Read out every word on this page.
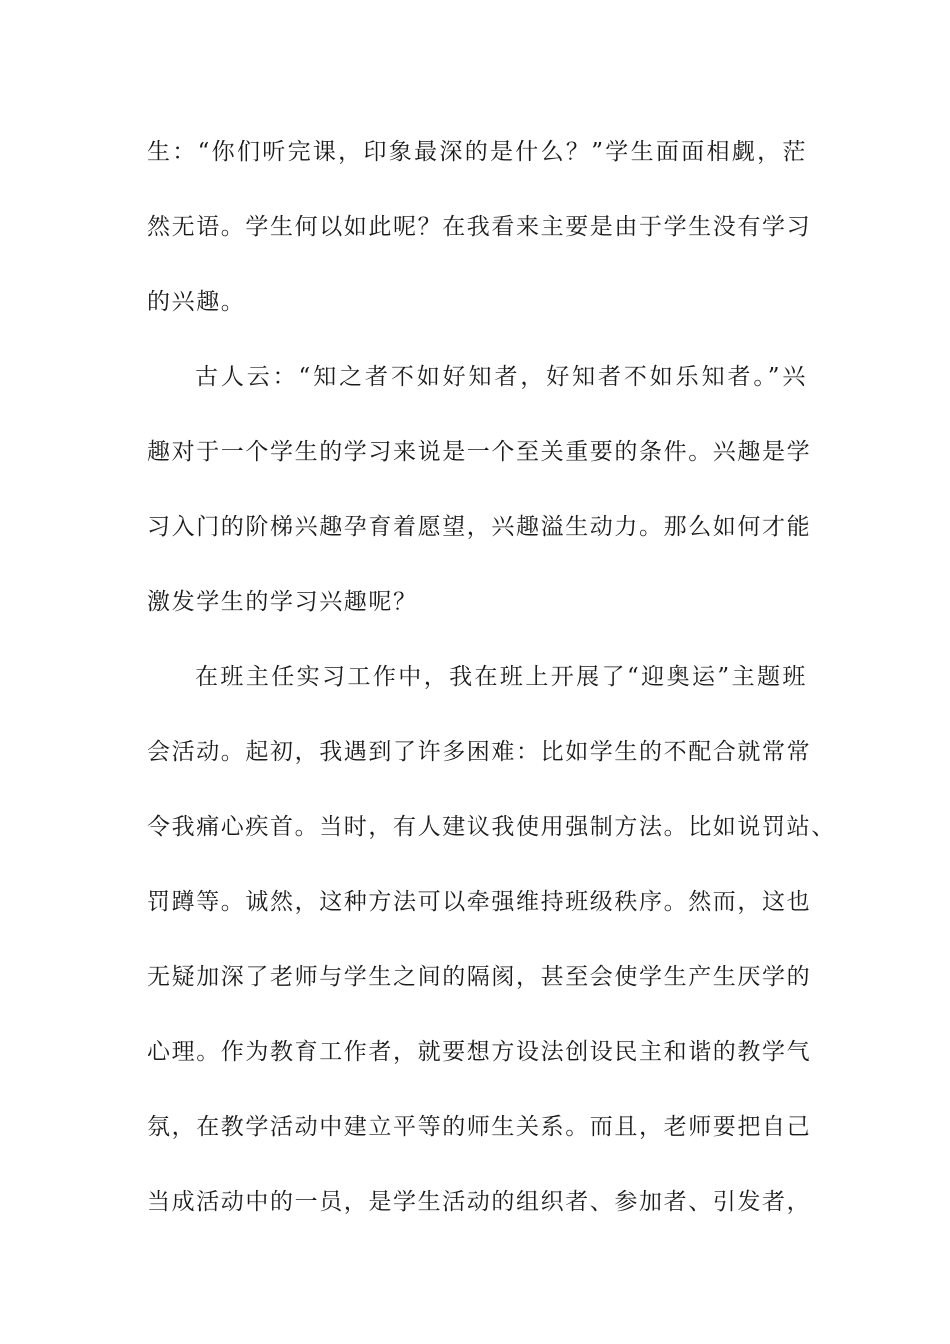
生：“你们听完课，印象最深的是什么？”学生面面相觑，茫
然无语。学生何以如此呢？在我看来主要是由于学生没有学习
的兴趣。
古人云：“知之者不如好知者，好知者不如乐知者。”兴
趣对于一个学生的学习来说是一个至关重要的条件。兴趣是学
习入门的阶梯兴趣孕育着愿望，兴趣溢生动力。那么如何才能
激发学生的学习兴趣呢？
在班主任实习工作中，我在班上开展了“迎奥运”主题班
会活动。起初，我遇到了许多困难：比如学生的不配合就常常
令我痛心疾首。当时，有人建议我使用强制方法。比如说罚站、
罚蹲等。诚然，这种方法可以牵强维持班级秩序。然而，这也
无疑加深了老师与学生之间的隔阂，甚至会使学生产生厌学的
心理。作为教育工作者，就要想方设法创设民主和谐的教学气
氛，在教学活动中建立平等的师生关系。而且，老师要把自己
当成活动中的一员，是学生活动的组织者、参加者、引发者，
